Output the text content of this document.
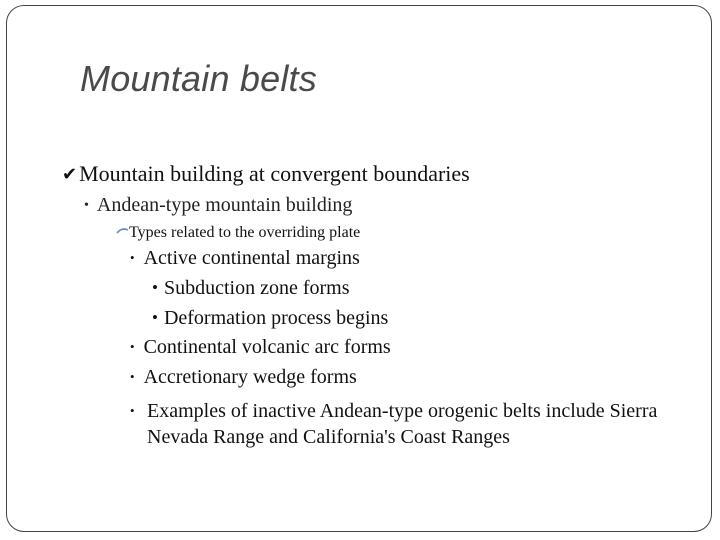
Mountain belts
✔Mountain building at convergent boundaries
• Andean-type mountain building
Types related to the overriding plate
• Active continental margins
• Subduction zone forms
• Deformation process begins
• Continental volcanic arc forms
• Accretionary wedge forms
• Examples of inactive Andean-type orogenic belts include Sierra Nevada Range and California's Coast Ranges
